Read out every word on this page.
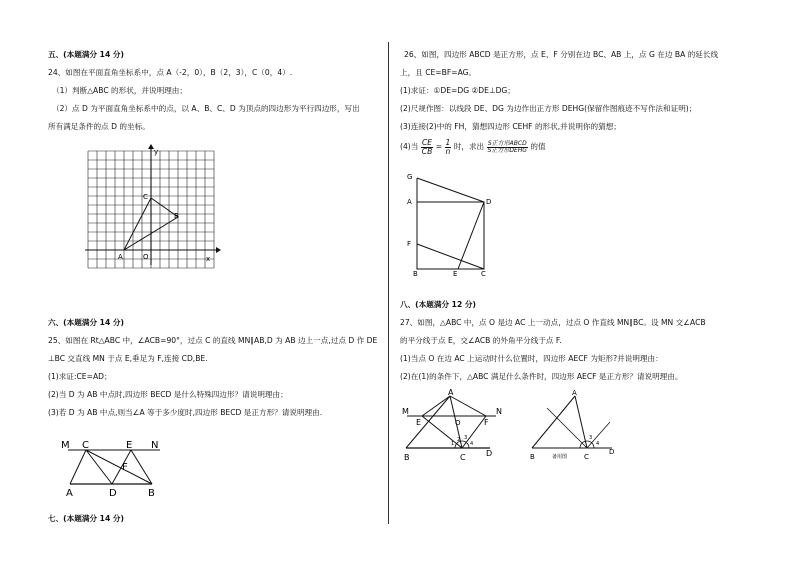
五、(本题满分 14 分)
24、如图在平面直角坐标系中，点 A（-2，0），B（2，3），C（0，4）.
（1）判断△ABC 的形状，并说明理由；
（2）点 D 为平面直角坐标系中的点，以 A、B、C、D 为顶点的四边形为平行四边形，写出
所有满足条件的点 D 的坐标。
y
x
A	O
B
C
六、(本题满分 14 分)
25、如图在 Rt△ABC 中，∠ACB=90°，过点 C 的直线 MN∥AB,D 为 AB 边上一点,过点 D 作 DE
⊥BC 交直线 MN 于点 E,垂足为 F,连接 CD,BE.
(1)求证:CE=AD；
(2)当 D 为 AB 中点时,四边形 BECD 是什么特殊四边形？请说明理由；
(3)若 D 为 AB 中点,则当∠A 等于多少度时,四边形 BECD 是正方形？请说明理由.
M C	E N
F
A	D	B
七、(本题满分 14 分)
26、如图，四边形 ABCD 是正方形，点 E、F 分别在边 BC、AB 上，点 G 在边 BA 的延长线
上，且 CE=BF=AG。
(1)求证：①DE=DG ②DE⊥DG；
(2)尺规作图：以线段 DE、DG 为边作出正方形 DEHG(保留作图痕迹不写作法和证明)；
(3)连接(2)中的 FH，猜想四边形 CEHF 的形状,并说明你的猜想；
(4)当 $\frac{CE}{CB} = \frac{1}{n}$ 时，求出 $\frac{\text{S正方形ABCD}}{\text{S正方形DEHG}}$ 的值
G
A	D
F
B	E	C
八、(本题满分 12 分)
27、如图，△ABC 中，点 O 是边 AC 上一动点，过点 O 作直线 MN∥BC。设 MN 交∠ACB
的平分线于点 E，交∠ACB 的外角平分线于点 F.
(1)当点 O 在边 AC 上运动时什么位置时，四边形 AECF 为矩形?并说明理由：
(2)在(1)的条件下，△ABC 满足什么条件时，四边形 AECF 是正方形？请说明理由。
M
A
N
E	O	F
B	C	D
1
2 3
4
A
B	C
D
备用图
3
4
